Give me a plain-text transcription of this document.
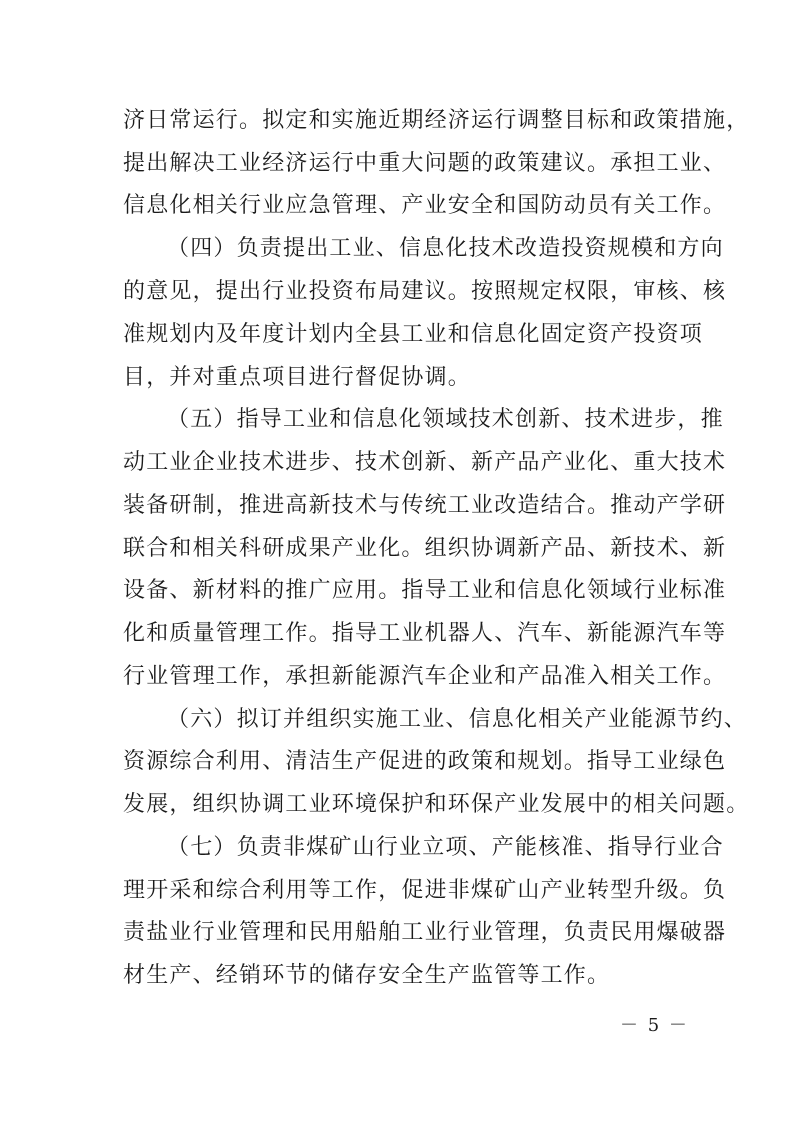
济日常运行。拟定和实施近期经济运行调整目标和政策措施，
提出解决工业经济运行中重大问题的政策建议。承担工业、
信息化相关行业应急管理、产业安全和国防动员有关工作。
（四）负责提出工业、信息化技术改造投资规模和方向
的意见，提出行业投资布局建议。按照规定权限，审核、核
准规划内及年度计划内全县工业和信息化固定资产投资项
目，并对重点项目进行督促协调。
（五）指导工业和信息化领域技术创新、技术进步，推
动工业企业技术进步、技术创新、新产品产业化、重大技术
装备研制，推进高新技术与传统工业改造结合。推动产学研
联合和相关科研成果产业化。组织协调新产品、新技术、新
设备、新材料的推广应用。指导工业和信息化领域行业标准
化和质量管理工作。指导工业机器人、汽车、新能源汽车等
行业管理工作，承担新能源汽车企业和产品准入相关工作。
（六）拟订并组织实施工业、信息化相关产业能源节约、
资源综合利用、清洁生产促进的政策和规划。指导工业绿色
发展，组织协调工业环境保护和环保产业发展中的相关问题。
（七）负责非煤矿山行业立项、产能核准、指导行业合
理开采和综合利用等工作，促进非煤矿山产业转型升级。负
责盐业行业管理和民用船舶工业行业管理，负责民用爆破器
材生产、经销环节的储存安全生产监管等工作。
－ 5 －
